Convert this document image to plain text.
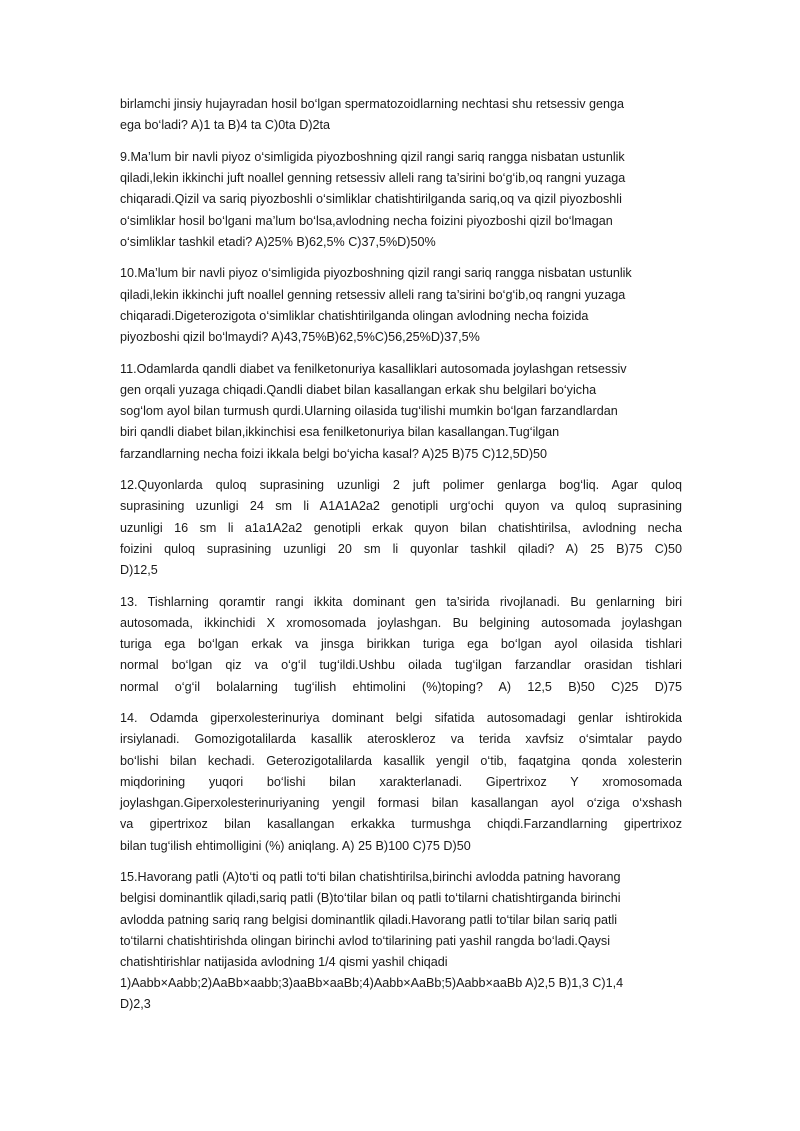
birlamchi jinsiy hujayradan hosil bo‘lgan spermatozoidlarning nechtasi shu retsessiv genga
ega bo‘ladi? A)1 ta B)4 ta C)0ta D)2ta
9.Ma’lum bir navli piyoz o‘simligida piyozboshning qizil rangi sariq rangga nisbatan ustunlik
qiladi,lekin ikkinchi juft noallel genning retsessiv alleli rang ta’sirini bo‘g‘ib,oq rangni yuzaga
chiqaradi.Qizil va sariq piyozboshli o‘simliklar chatishtirilganda sariq,oq va qizil piyozboshli
o‘simliklar hosil bo‘lgani ma’lum bo‘lsa,avlodning necha foizini piyozboshi qizil bo‘lmagan
o‘simliklar tashkil etadi? A)25% B)62,5% C)37,5%D)50%
10.Ma’lum bir navli piyoz o‘simligida piyozboshning qizil rangi sariq rangga nisbatan ustunlik
qiladi,lekin ikkinchi juft noallel genning retsessiv alleli rang ta’sirini bo‘g‘ib,oq rangni yuzaga
chiqaradi.Digeterozigota o‘simliklar chatishtirilganda olingan avlodning necha foizida
piyozboshi qizil bo‘lmaydi? A)43,75%B)62,5%C)56,25%D)37,5%
11.Odamlarda qandli diabet va fenilketonuriya kasalliklari autosomada joylashgan retsessiv
gen orqali yuzaga chiqadi.Qandli diabet bilan kasallangan erkak shu belgilari bo‘yicha
sog‘lom ayol bilan turmush qurdi.Ularning oilasida tug‘ilishi mumkin bo‘lgan farzandlardan
biri qandli diabet bilan,ikkinchisi esa fenilketonuriya bilan kasallangan.Tug‘ilgan
farzandlarning necha foizi ikkala belgi bo‘yicha kasal? A)25 B)75 C)12,5D)50
12.Quyonlarda quloq suprasining uzunligi 2 juft polimer genlarga bog‘liq. Agar quloq
suprasining uzunligi 24 sm li A1A1A2a2 genotipli urg‘ochi quyon va quloq suprasining
uzunligi 16 sm li a1a1A2a2 genotipli erkak quyon bilan chatishtirilsa, avlodning necha
foizini quloq suprasining uzunligi 20 sm li quyonlar tashkil qiladi? A) 25 B)75 C)50
D)12,5
13. Tishlarning qoramtir rangi ikkita dominant gen ta’sirida rivojlanadi. Bu genlarning biri
autosomada, ikkinchidi X xromosomada joylashgan. Bu belgining autosomada joylashgan
turiga ega bo‘lgan erkak va jinsga birikkan turiga ega bo‘lgan ayol oilasida tishlari
normal bo‘lgan qiz va o‘g‘il tug‘ildi.Ushbu oilada tug‘ilgan farzandlar orasidan tishlari
normal o‘g‘il bolalarning tug‘ilish ehtimolini (%)toping? A) 12,5 B)50 C)25 D)75
14. Odamda giperxolesterinuriya dominant belgi sifatida autosomadagi genlar ishtirokida
irsiylanadi. Gomozigotalilarda kasallik ateroskleroz va terida xavfsiz o‘simtalar paydo
bo‘lishi bilan kechadi. Geterozigotalilarda kasallik yengil o‘tib, faqatgina qonda xolesterin
miqdorining yuqori bo‘lishi bilan xarakterlanadi. Gipertrixoz Y xromosomada
joylashgan.Giperxolesterinuriyaning yengil formasi bilan kasallangan ayol o‘ziga o‘xshash
va gipertrixoz bilan kasallangan erkakka turmushga chiqdi.Farzandlarning gipertrixoz
bilan tug‘ilish ehtimolligini (%) aniqlang. A) 25 B)100 C)75 D)50
15.Havorang patli (A)to‘ti oq patli to‘ti bilan chatishtirilsa,birinchi avlodda patning havorang
belgisi dominantlik qiladi,sariq patli (B)to‘tilar bilan oq patli to‘tilarni chatishtirganda birinchi
avlodda patning sariq rang belgisi dominantlik qiladi.Havorang patli to‘tilar bilan sariq patli
to‘tilarni chatishtirishda olingan birinchi avlod to‘tilarining pati yashil rangda bo‘ladi.Qaysi
chatishtirishlar natijasida avlodning 1/4 qismi yashil chiqadi
1)Aabb×Aabb;2)AaBb×aabb;3)aaBb×aaBb;4)Aabb×AaBb;5)Aabb×aaBb A)2,5 B)1,3 C)1,4
D)2,3
